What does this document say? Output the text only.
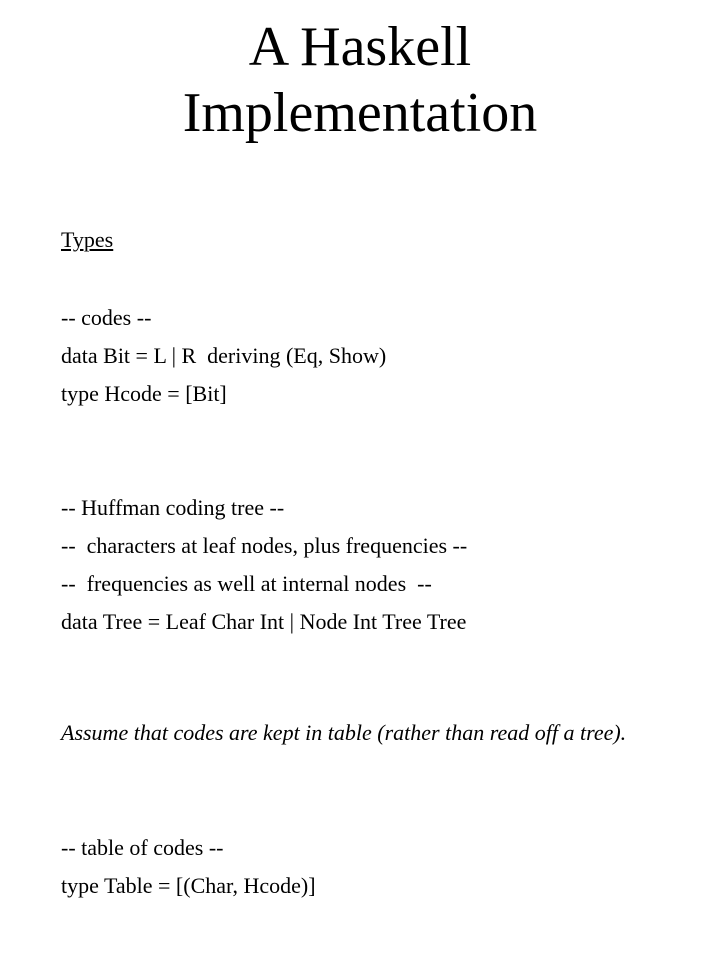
A Haskell
Implementation

Types

-- codes --

data Bit = L | R  deriving (Eq, Show)

type Hcode = [Bit]

-- Huffman coding tree --

--  characters at leaf nodes, plus frequencies --

--  frequencies as well at internal nodes  --

data Tree = Leaf Char Int | Node Int Tree Tree

Assume that codes are kept in table (rather than read off a tree).

-- table of codes --

type Table = [(Char, Hcode)]
